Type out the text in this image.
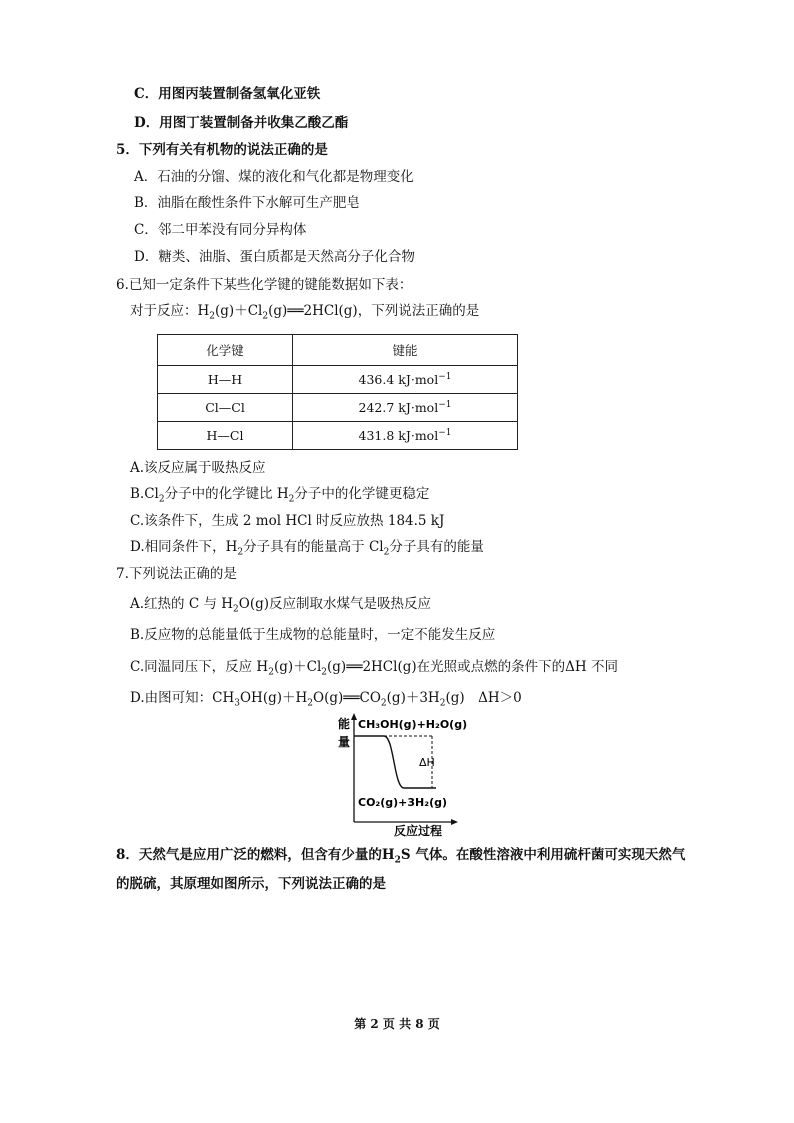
C．用图丙装置制备氢氧化亚铁
D．用图丁装置制备并收集乙酸乙酯
5．下列有关有机物的说法正确的是
A．石油的分馏、煤的液化和气化都是物理变化
B．油脂在酸性条件下水解可生产肥皂
C．邻二甲苯没有同分异构体
D．糖类、油脂、蛋白质都是天然高分子化合物
6.已知一定条件下某些化学键的键能数据如下表：
对于反应：$H_2(g)+Cl_2(g)══2HCl(g)$，下列说法正确的是
化学键	键能
H—H	436.4 kJ·mol$^{-1}$
Cl—Cl	242.7 kJ·mol$^{-1}$
H—Cl	431.8 kJ·mol$^{-1}$
A.该反应属于吸热反应
$B.Cl_2$分子中的化学键比 $H_2$分子中的化学键更稳定
C.该条件下，生成 2 mol HCl 时反应放热 184.5 kJ
D.相同条件下，$H_2$分子具有的能量高于 $Cl_2$分子具有的能量
7.下列说法正确的是
A.红热的 C 与 $H_2O(g)$反应制取水煤气是吸热反应
B.反应物的总能量低于生成物的总能量时，一定不能发生反应
C.同温同压下，反应 $H_2(g)+Cl_2(g)══2HCl(g)$在光照或点燃的条件下的ΔH 不同
D.由图可知：$CH_3OH(g)+H_2O(g)══CO_2(g)+3H_2(g)$　ΔH＞0
能
量
CH₃OH(g)+H₂O(g)
ΔH
CO₂(g)+3H₂(g)
反应过程
8．天然气是应用广泛的燃料，但含有少量的$H_2S$ 气体。在酸性溶液中利用硫杆菌可实现天然气
的脱硫，其原理如图所示，下列说法正确的是
第 2 页 共 8 页
